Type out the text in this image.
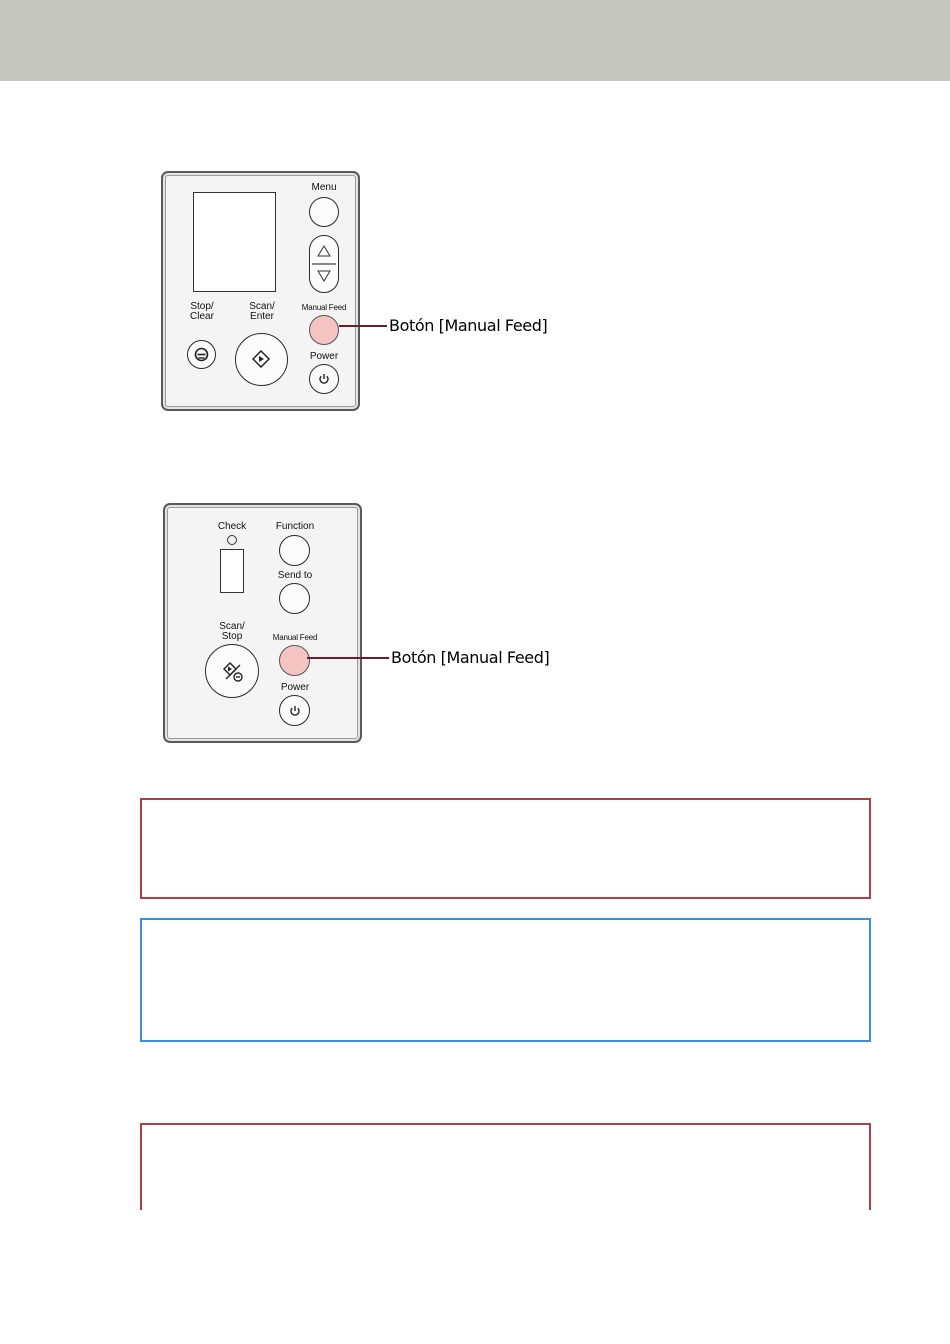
Menu
Stop/
Clear
Scan/
Enter
Manual Feed
Power
Botón [Manual Feed]
Check	Function
Send to
Scan/
Stop	Manual Feed
Power
Botón [Manual Feed]
